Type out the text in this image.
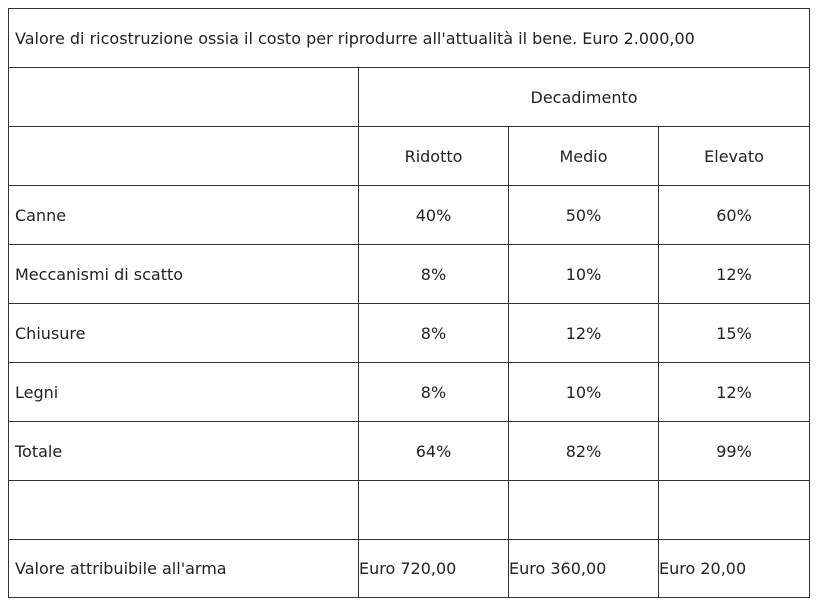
Valore di ricostruzione ossia il costo per riprodurre all'attualità il bene. Euro 2.000,00			
	Decadimento		
	Ridotto	Medio	Elevato
Canne	40%	50%	60%
Meccanismi di scatto	8%	10%	12%
Chiusure	8%	12%	15%
Legni	8%	10%	12%
Totale	64%	82%	99%

Valore attribuibile all'arma	Euro 720,00	Euro 360,00	Euro 20,00
